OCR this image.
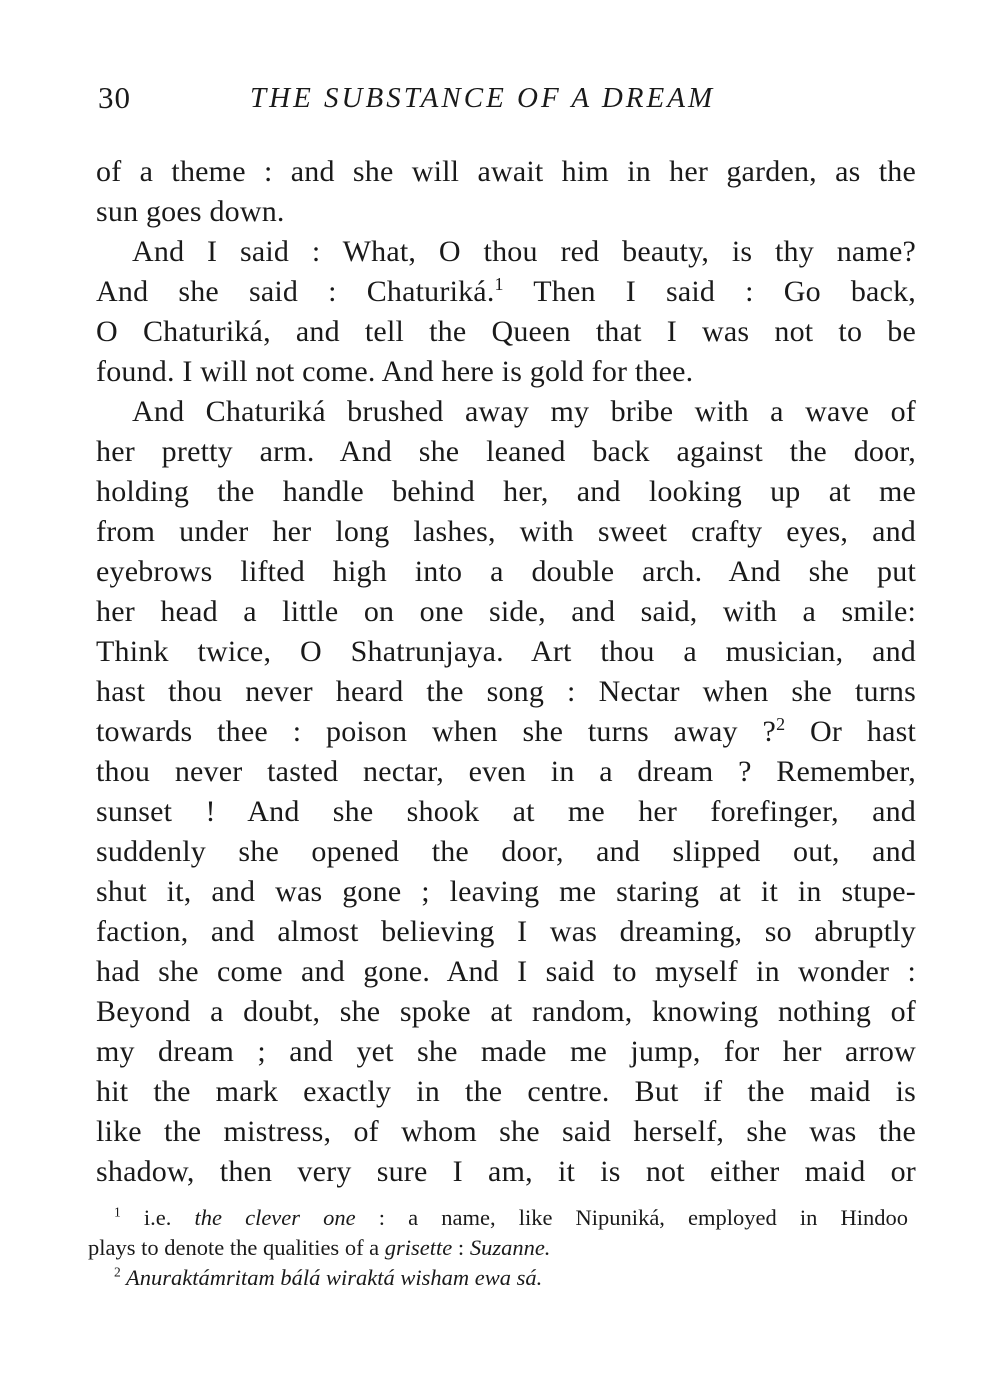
30	THE SUBSTANCE OF A DREAM
of a theme : and she will await him in her garden, as the
sun goes down.
And I said : What, O thou red beauty, is thy name?
And she said : Chaturiká.$^1$ Then I said : Go back,
O Chaturiká, and tell the Queen that I was not to be
found. I will not come. And here is gold for thee.
And Chaturiká brushed away my bribe with a wave of
her pretty arm. And she leaned back against the door,
holding the handle behind her, and looking up at me
from under her long lashes, with sweet crafty eyes, and
eyebrows lifted high into a double arch. And she put
her head a little on one side, and said, with a smile:
Think twice, O Shatrunjaya. Art thou a musician, and
hast thou never heard the song : Nectar when she turns
towards thee : poison when she turns away ?$^2$ Or hast
thou never tasted nectar, even in a dream ? Remember,
sunset ! And she shook at me her forefinger, and
suddenly she opened the door, and slipped out, and
shut it, and was gone ; leaving me staring at it in stupe-
faction, and almost believing I was dreaming, so abruptly
had she come and gone. And I said to myself in wonder :
Beyond a doubt, she spoke at random, knowing nothing of
my dream ; and yet she made me jump, for her arrow
hit the mark exactly in the centre. But if the maid is
like the mistress, of whom she said herself, she was the
shadow, then very sure I am, it is not either maid or
$^1$ i.e. the clever one : a name, like Nipuniká, employed in Hindoo
plays to denote the qualities of a grisette : Suzanne.
$^2$ Anuraktámritam bálá wiraktá wisham ewa sá.
